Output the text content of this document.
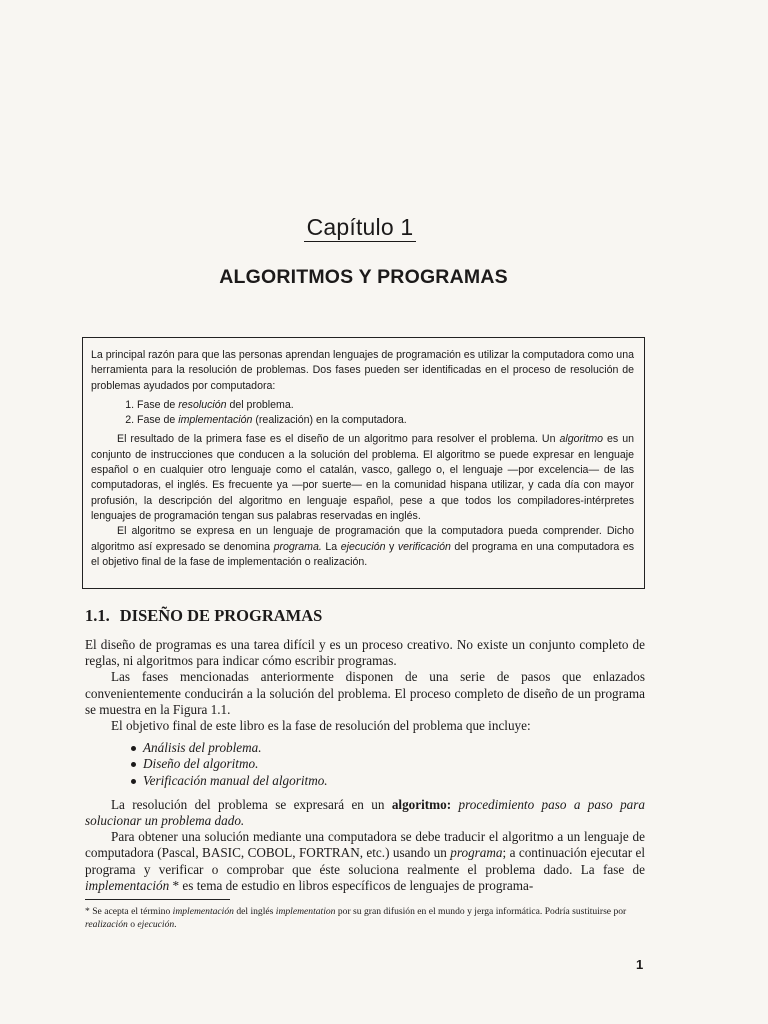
Capítulo 1
ALGORITMOS Y PROGRAMAS

La principal razón para que las personas aprendan lenguajes de programación es utilizar la computadora como una herramienta para la resolución de problemas. Dos fases pueden ser identificadas en el proceso de resolución de problemas ayudados por computadora:

1. Fase de resolución del problema.
2. Fase de implementación (realización) en la computadora.

El resultado de la primera fase es el diseño de un algoritmo para resolver el problema. Un algoritmo es un conjunto de instrucciones que conducen a la solución del problema. El algoritmo se puede expresar en lenguaje español o en cualquier otro lenguaje como el catalán, vasco, gallego o, el lenguaje —por excelencia— de las computadoras, el inglés. Es frecuente ya —por suerte— en la comunidad hispana utilizar, y cada día con mayor profusión, la descripción del algoritmo en lenguaje español, pese a que todos los compiladores-intérpretes lenguajes de programación tengan sus palabras reservadas en inglés.

El algoritmo se expresa en un lenguaje de programación que la computadora pueda comprender. Dicho algoritmo así expresado se denomina programa. La ejecución y verificación del programa en una computadora es el objetivo final de la fase de implementación o realización.

1.1. DISEÑO DE PROGRAMAS

El diseño de programas es una tarea difícil y es un proceso creativo. No existe un conjunto completo de reglas, ni algoritmos para indicar cómo escribir programas.

Las fases mencionadas anteriormente disponen de una serie de pasos que enlazados convenientemente conducirán a la solución del problema. El proceso completo de diseño de un programa se muestra en la Figura 1.1.

El objetivo final de este libro es la fase de resolución del problema que incluye:

Análisis del problema.
Diseño del algoritmo.
Verificación manual del algoritmo.

La resolución del problema se expresará en un algoritmo: procedimiento paso a paso para solucionar un problema dado.

Para obtener una solución mediante una computadora se debe traducir el algoritmo a un lenguaje de computadora (Pascal, BASIC, COBOL, FORTRAN, etc.) usando un programa; a continuación ejecutar el programa y verificar o comprobar que éste soluciona realmente el problema dado. La fase de implementación * es tema de estudio en libros específicos de lenguajes de programa-

* Se acepta el término implementación del inglés implementation por su gran difusión en el mundo y jerga informática. Podría sustituirse por realización o ejecución.

1
